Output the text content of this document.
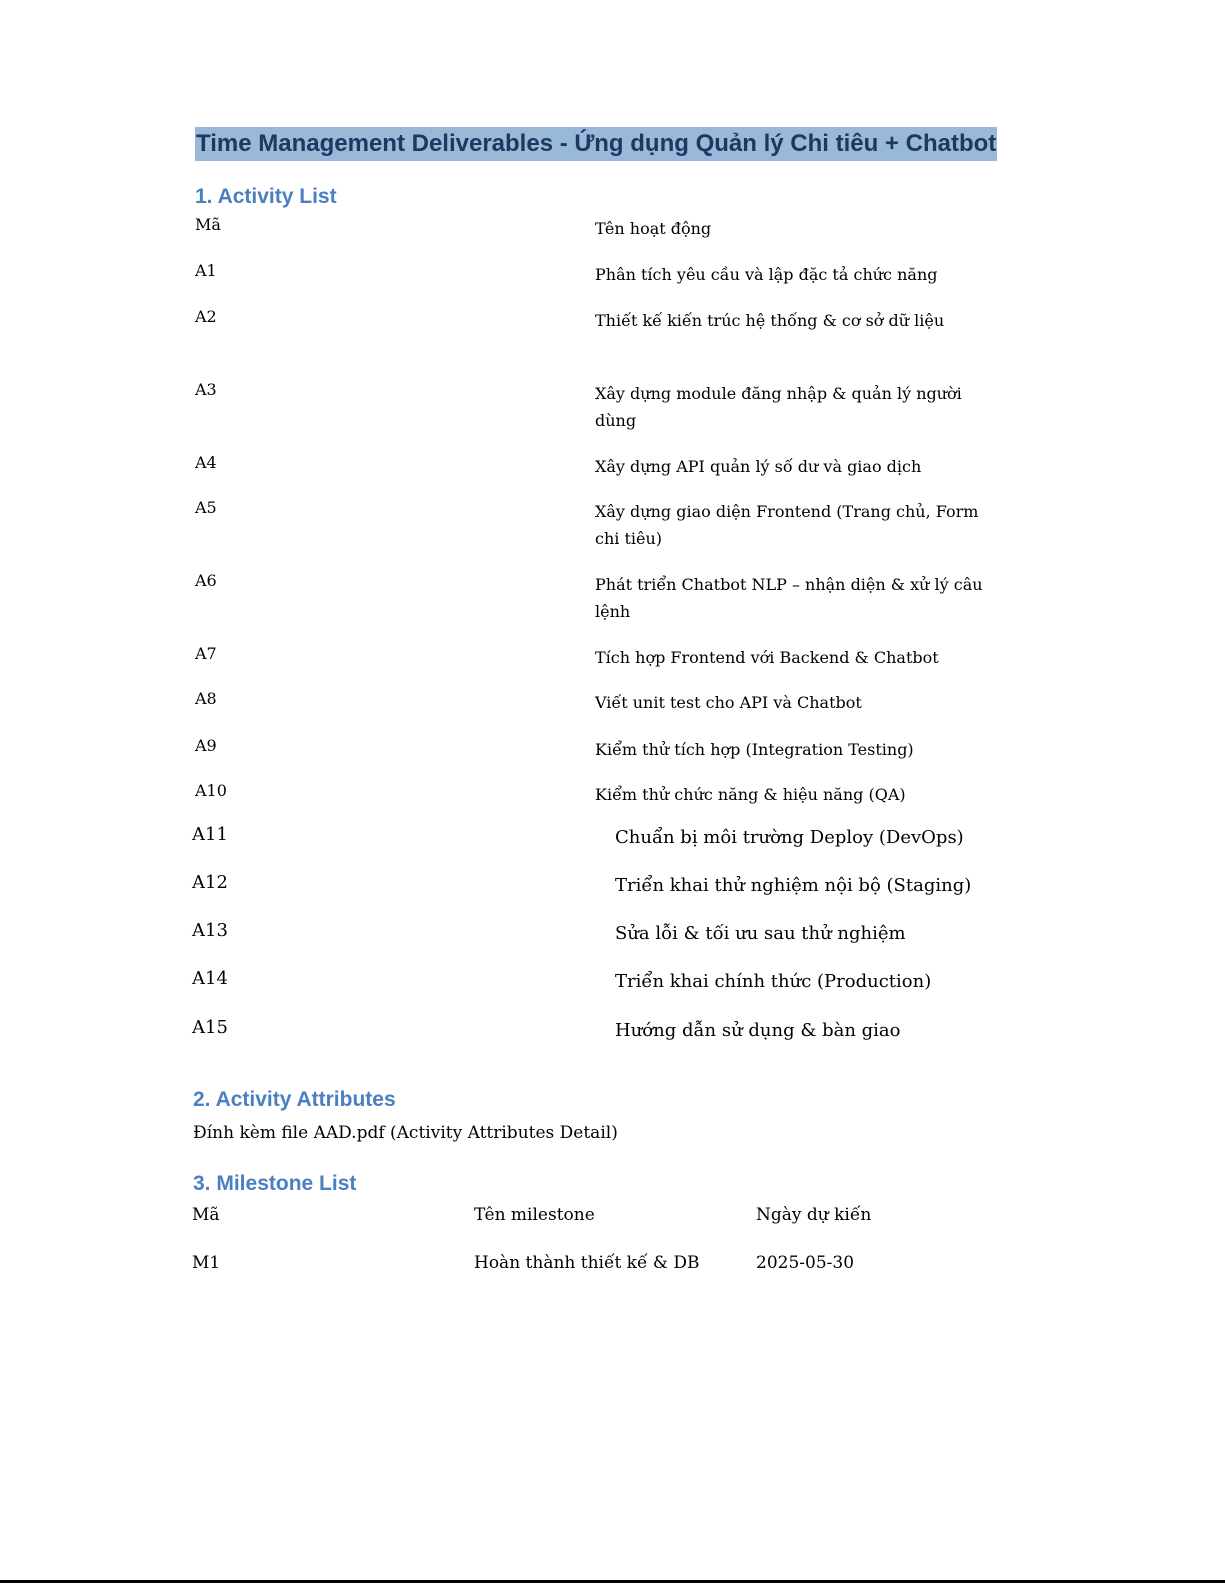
Time Management Deliverables - Ứng dụng Quản lý Chi tiêu + Chatbot
1. Activity List
Mã	Tên hoạt động
A1	Phân tích yêu cầu và lập đặc tả chức năng
A2	Thiết kế kiến trúc hệ thống & cơ sở dữ liệu
A3	Xây dựng module đăng nhập & quản lý người dùng
A4	Xây dựng API quản lý số dư và giao dịch
A5	Xây dựng giao diện Frontend (Trang chủ, Form chi tiêu)
A6	Phát triển Chatbot NLP – nhận diện & xử lý câu lệnh
A7	Tích hợp Frontend với Backend & Chatbot
A8	Viết unit test cho API và Chatbot
A9	Kiểm thử tích hợp (Integration Testing)
A10	Kiểm thử chức năng & hiệu năng (QA)
A11	Chuẩn bị môi trường Deploy (DevOps)
A12	Triển khai thử nghiệm nội bộ (Staging)
A13	Sửa lỗi & tối ưu sau thử nghiệm
A14	Triển khai chính thức (Production)
A15	Hướng dẫn sử dụng & bàn giao
2. Activity Attributes
Đính kèm file AAD.pdf (Activity Attributes Detail)
3. Milestone List
Mã	Tên milestone	Ngày dự kiến
M1	Hoàn thành thiết kế & DB	2025-05-30
